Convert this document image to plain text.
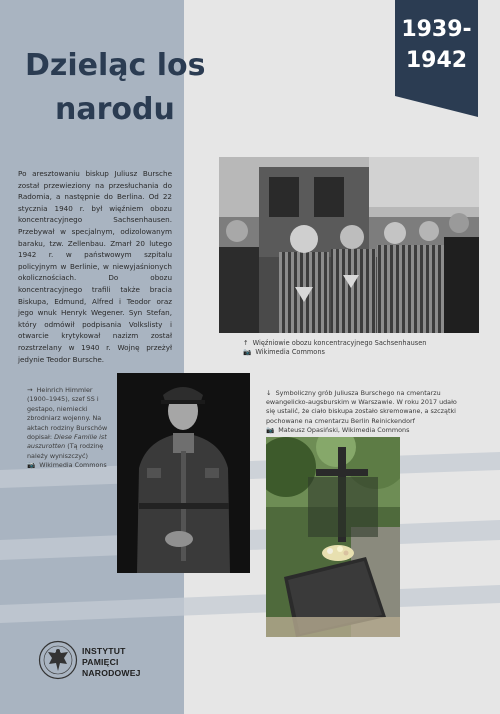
1939-
1942
Dzieląc los
narodu
Po aresztowaniu biskup Juliusz Bursche został przewieziony na przesłuchania do Radomia, a następnie do Berlina. Od 22 stycznia 1940 r. był więźniem obozu koncentracyjnego Sachsenhausen. Przebywał w specjalnym, odizolowanym baraku, tzw. Zellenbau. Zmarł 20 lutego 1942 r. w państwowym szpitalu policyjnym w Berlinie, w niewyjaśnionych okolicznościach. Do obozu koncentracyjnego trafili także bracia Biskupa, Edmund, Alfred i Teodor oraz jego wnuk Henryk Wegener. Syn Stefan, który odmówił podpisania Volkslisty i otwarcie krytykował nazizm został rozstrzelany w 1940 r. Wojnę przeżył jedynie Teodor Bursche.
↑ Więźniowie obozu koncentracyjnego Sachsenhausen
📷 Wikimedia Commons
→ Heinrich Himmler (1900–1945), szef SS i gestapo, niemiecki zbrodniarz wojenny. Na aktach rodziny Burschów dopisał: Diese Familie ist auszurotten (Tą rodzinę należy wyniszczyć)
📷 Wikimedia Commons
↓ Symboliczny grób Juliusza Burschego na cmentarzu ewangelicko-augsburskim w Warszawie. W roku 2017 udało się ustalić, że ciało biskupa zostało skremowane, a szczątki pochowane na cmentarzu Berlin Reinickendorf
📷 Mateusz Opasiński, Wikimedia Commons
INSTYTUT
PAMIĘCI
NARODOWEJ
